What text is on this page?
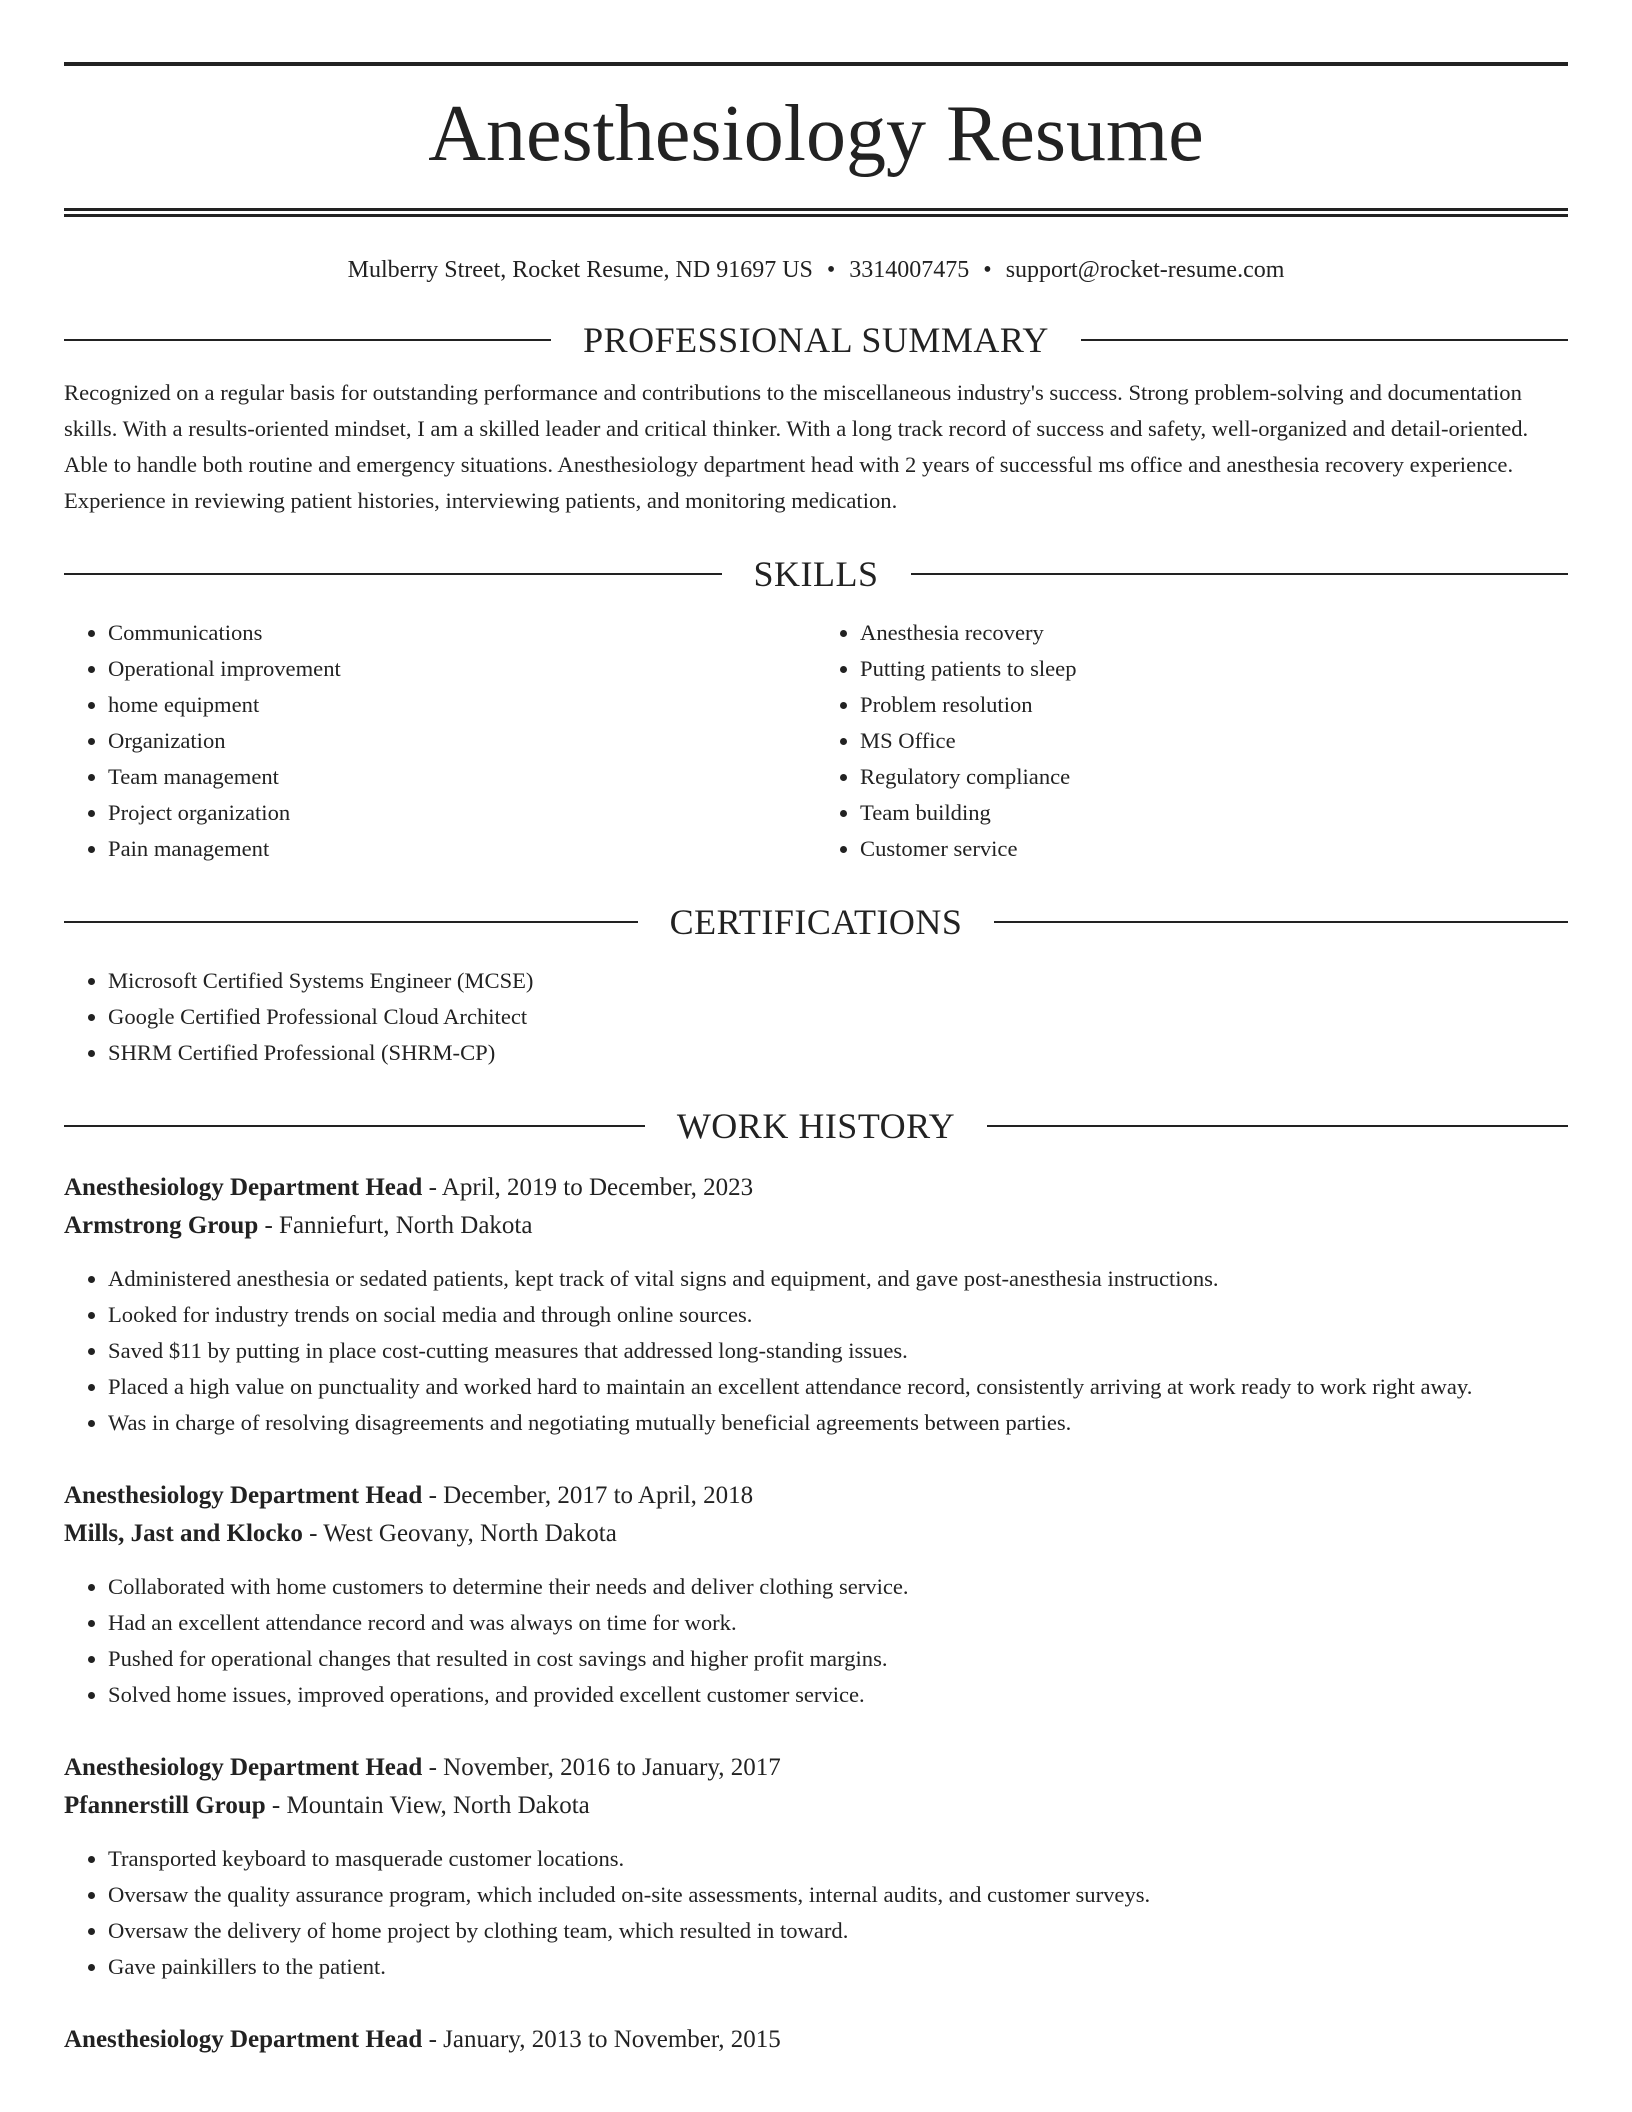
Anesthesiology Resume
Mulberry Street, Rocket Resume, ND 91697 US • 3314007475 • support@rocket-resume.com
PROFESSIONAL SUMMARY
Recognized on a regular basis for outstanding performance and contributions to the miscellaneous industry's success. Strong problem-solving and documentation skills. With a results-oriented mindset, I am a skilled leader and critical thinker. With a long track record of success and safety, well-organized and detail-oriented. Able to handle both routine and emergency situations. Anesthesiology department head with 2 years of successful ms office and anesthesia recovery experience. Experience in reviewing patient histories, interviewing patients, and monitoring medication.
SKILLS
• Communications
• Operational improvement
• home equipment
• Organization
• Team management
• Project organization
• Pain management
• Anesthesia recovery
• Putting patients to sleep
• Problem resolution
• MS Office
• Regulatory compliance
• Team building
• Customer service
CERTIFICATIONS
• Microsoft Certified Systems Engineer (MCSE)
• Google Certified Professional Cloud Architect
• SHRM Certified Professional (SHRM-CP)
WORK HISTORY
Anesthesiology Department Head - April, 2019 to December, 2023
Armstrong Group - Fanniefurt, North Dakota
• Administered anesthesia or sedated patients, kept track of vital signs and equipment, and gave post-anesthesia instructions.
• Looked for industry trends on social media and through online sources.
• Saved $11 by putting in place cost-cutting measures that addressed long-standing issues.
• Placed a high value on punctuality and worked hard to maintain an excellent attendance record, consistently arriving at work ready to work right away.
• Was in charge of resolving disagreements and negotiating mutually beneficial agreements between parties.
Anesthesiology Department Head - December, 2017 to April, 2018
Mills, Jast and Klocko - West Geovany, North Dakota
• Collaborated with home customers to determine their needs and deliver clothing service.
• Had an excellent attendance record and was always on time for work.
• Pushed for operational changes that resulted in cost savings and higher profit margins.
• Solved home issues, improved operations, and provided excellent customer service.
Anesthesiology Department Head - November, 2016 to January, 2017
Pfannerstill Group - Mountain View, North Dakota
• Transported keyboard to masquerade customer locations.
• Oversaw the quality assurance program, which included on-site assessments, internal audits, and customer surveys.
• Oversaw the delivery of home project by clothing team, which resulted in toward.
• Gave painkillers to the patient.
Anesthesiology Department Head - January, 2013 to November, 2015
